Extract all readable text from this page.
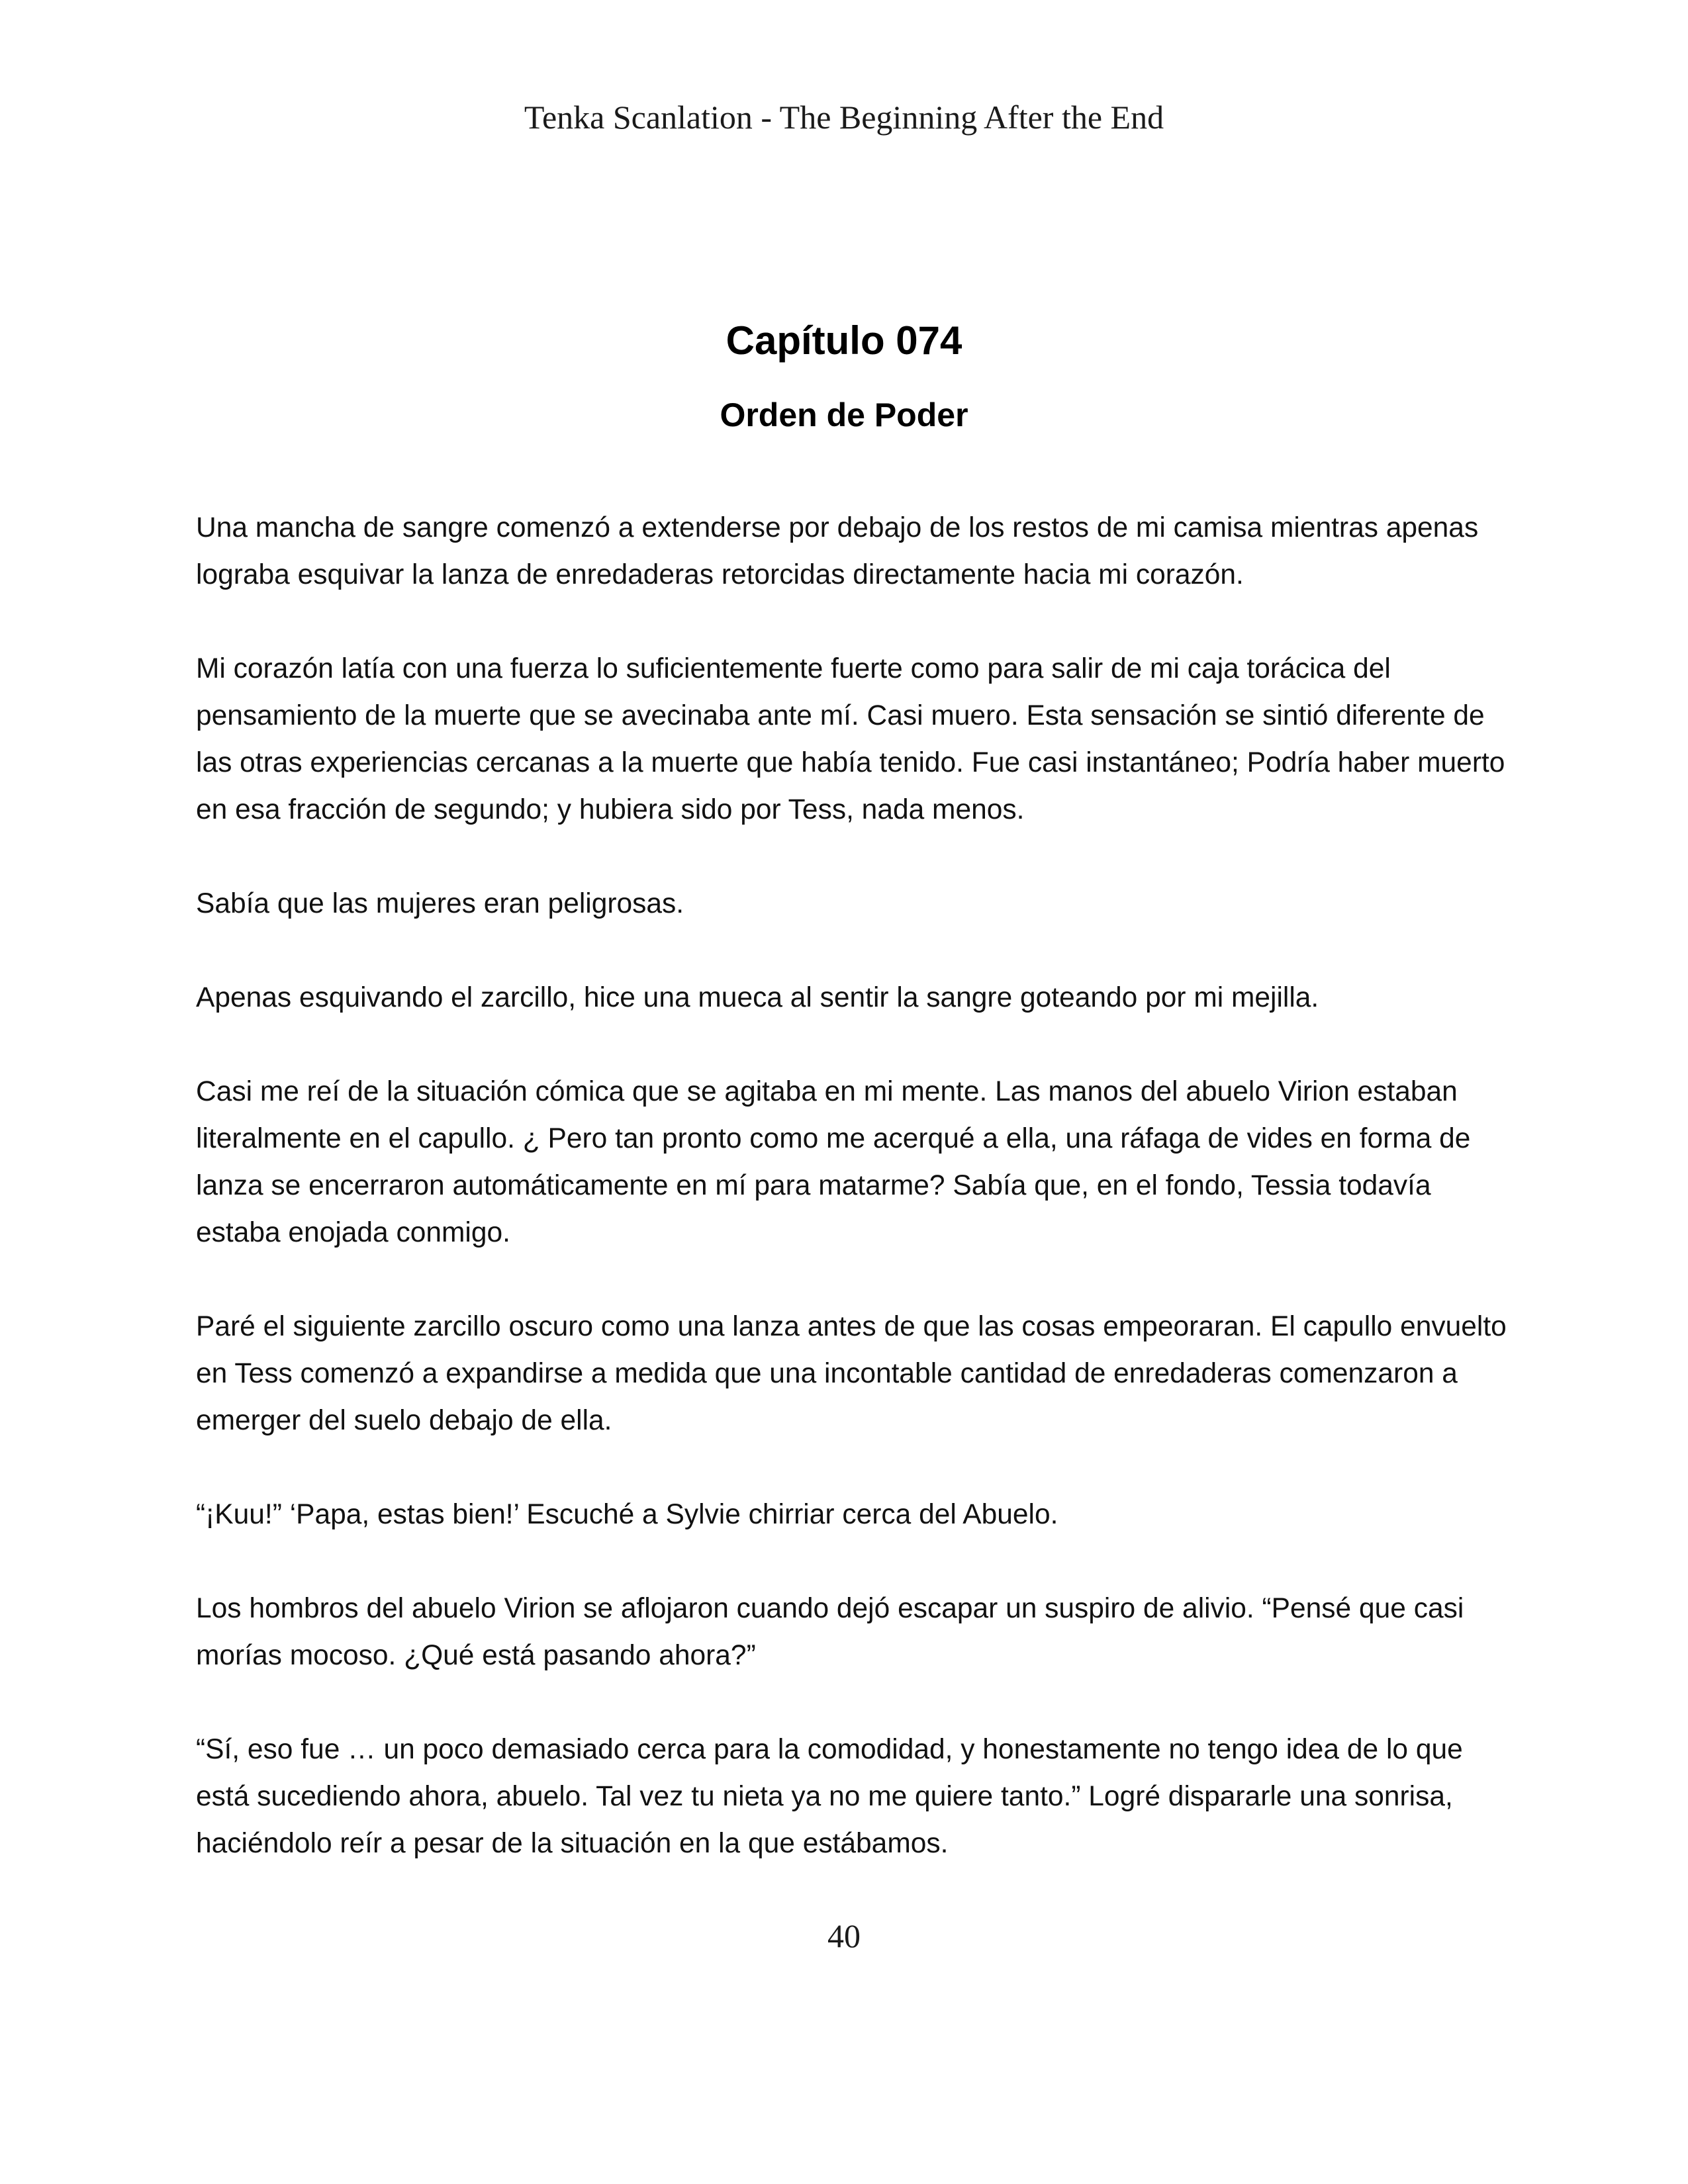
Tenka Scanlation - The Beginning After the End
Capítulo 074
Orden de Poder

Una mancha de sangre comenzó a extenderse por debajo de los restos de mi camisa mientras apenas lograba esquivar la lanza de enredaderas retorcidas directamente hacia mi corazón.

Mi corazón latía con una fuerza lo suficientemente fuerte como para salir de mi caja torácica del pensamiento de la muerte que se avecinaba ante mí. Casi muero. Esta sensación se sintió diferente de las otras experiencias cercanas a la muerte que había tenido. Fue casi instantáneo; Podría haber muerto en esa fracción de segundo; y hubiera sido por Tess, nada menos.

Sabía que las mujeres eran peligrosas.

Apenas esquivando el zarcillo, hice una mueca al sentir la sangre goteando por mi mejilla.

Casi me reí de la situación cómica que se agitaba en mi mente. Las manos del abuelo Virion estaban literalmente en el capullo. ¿ Pero tan pronto como me acerqué a ella, una ráfaga de vides en forma de lanza se encerraron automáticamente en mí para matarme? Sabía que, en el fondo, Tessia todavía estaba enojada conmigo.

Paré el siguiente zarcillo oscuro como una lanza antes de que las cosas empeoraran. El capullo envuelto en Tess comenzó a expandirse a medida que una incontable cantidad de enredaderas comenzaron a emerger del suelo debajo de ella.

“¡Kuu!” ‘Papa, estas bien!’ Escuché a Sylvie chirriar cerca del Abuelo.

Los hombros del abuelo Virion se aflojaron cuando dejó escapar un suspiro de alivio. “Pensé que casi morías mocoso. ¿Qué está pasando ahora?”

“Sí, eso fue … un poco demasiado cerca para la comodidad, y honestamente no tengo idea de lo que está sucediendo ahora, abuelo. Tal vez tu nieta ya no me quiere tanto.” Logré dispararle una sonrisa, haciéndolo reír a pesar de la situación en la que estábamos.

40
